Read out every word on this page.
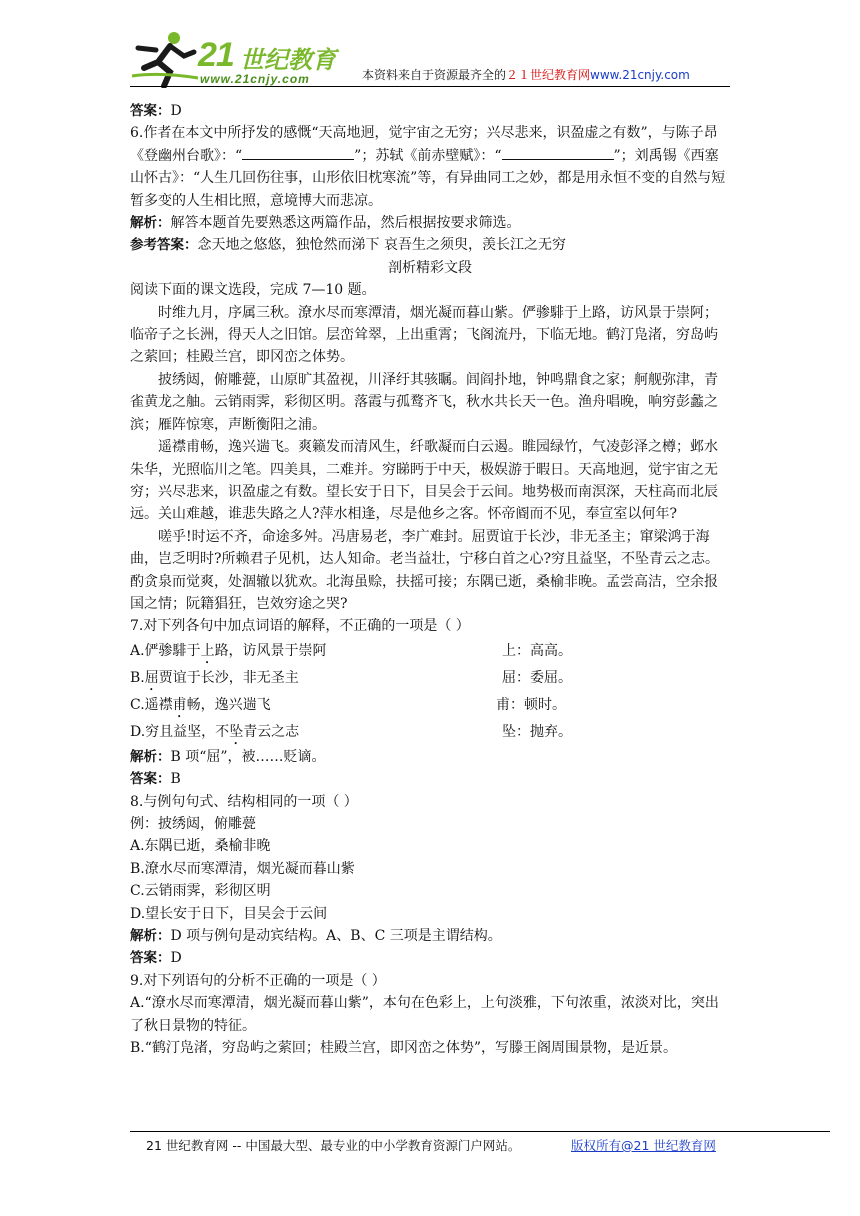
21 世纪教育
www.21cnjy.com	本资料来自于资源最齐全的２１世纪教育网www.21cnjy.com

答案：D

6.作者在本文中所抒发的感慨“天高地迥，觉宇宙之无穷；兴尽悲来，识盈虚之有数”，与陈子昂《登幽州台歌》：“	”；苏轼《前赤壁赋》：“	”；刘禹锡《西塞山怀古》：“人生几回伤往事，山形依旧枕寒流”等，有异曲同工之妙，都是用永恒不变的自然与短暂多变的人生相比照，意境博大而悲凉。

解析：解答本题首先要熟悉这两篇作品，然后根据按要求筛选。

参考答案：念天地之悠悠，独怆然而涕下 哀吾生之须臾，羡长江之无穷

剖析精彩文段

阅读下面的课文选段，完成 7—10 题。

时维九月，序属三秋。潦水尽而寒潭清，烟光凝而暮山紫。俨骖騑于上路，访风景于崇阿；临帝子之长洲，得天人之旧馆。层峦耸翠，上出重霄；飞阁流丹，下临无地。鹤汀凫渚，穷岛屿之萦回；桂殿兰宫，即冈峦之体势。

披绣闼，俯雕甍，山原旷其盈视，川泽纡其骇瞩。闾阎扑地，钟鸣鼎食之家；舸舰弥津，青雀黄龙之舳。云销雨霁，彩彻区明。落霞与孤鹜齐飞，秋水共长天一色。渔舟唱晚，响穷彭蠡之滨；雁阵惊寒，声断衡阳之浦。

遥襟甫畅，逸兴遄飞。爽籁发而清风生，纤歌凝而白云遏。睢园绿竹，气凌彭泽之樽；邺水朱华，光照临川之笔。四美具，二难并。穷睇眄于中天，极娱游于暇日。天高地迥，觉宇宙之无穷；兴尽悲来，识盈虚之有数。望长安于日下，目吴会于云间。地势极而南溟深，天柱高而北辰远。关山难越，谁悲失路之人?萍水相逢，尽是他乡之客。怀帝阍而不见，奉宣室以何年?

嗟乎!时运不齐，命途多舛。冯唐易老，李广难封。屈贾谊于长沙，非无圣主；窜梁鸿于海曲，岂乏明时?所赖君子见机，达人知命。老当益壮，宁移白首之心?穷且益坚，不坠青云之志。酌贪泉而觉爽，处涸辙以犹欢。北海虽赊，扶摇可接；东隅已逝，桑榆非晚。孟尝高洁，空余报国之情；阮籍猖狂，岂效穷途之哭?

7.对下列各句中加点词语的解释，不正确的一项是（ ）

A.俨骖騑于上路，访风景于崇阿	上：高高。
B.屈贾谊于长沙，非无圣主	屈：委屈。
C.遥襟甫畅，逸兴遄飞	甫：顿时。
D.穷且益坚，不坠青云之志	坠：抛弃。

解析：B 项“屈”，被……贬谪。

答案：B

8.与例句句式、结构相同的一项（ ）

例：披绣闼，俯雕甍

A.东隅已逝，桑榆非晚

B.潦水尽而寒潭清，烟光凝而暮山紫

C.云销雨霁，彩彻区明

D.望长安于日下，目吴会于云间

解析：D 项与例句是动宾结构。A、B、C 三项是主谓结构。

答案：D

9.对下列语句的分析不正确的一项是（ ）

A.“潦水尽而寒潭清，烟光凝而暮山紫”，本句在色彩上，上句淡雅，下句浓重，浓淡对比，突出了秋日景物的特征。

B.“鹤汀凫渚，穷岛屿之萦回；桂殿兰宫，即冈峦之体势”，写滕王阁周围景物，是近景。

21 世纪教育网 -- 中国最大型、最专业的中小学教育资源门户网站。	版权所有@21 世纪教育网
